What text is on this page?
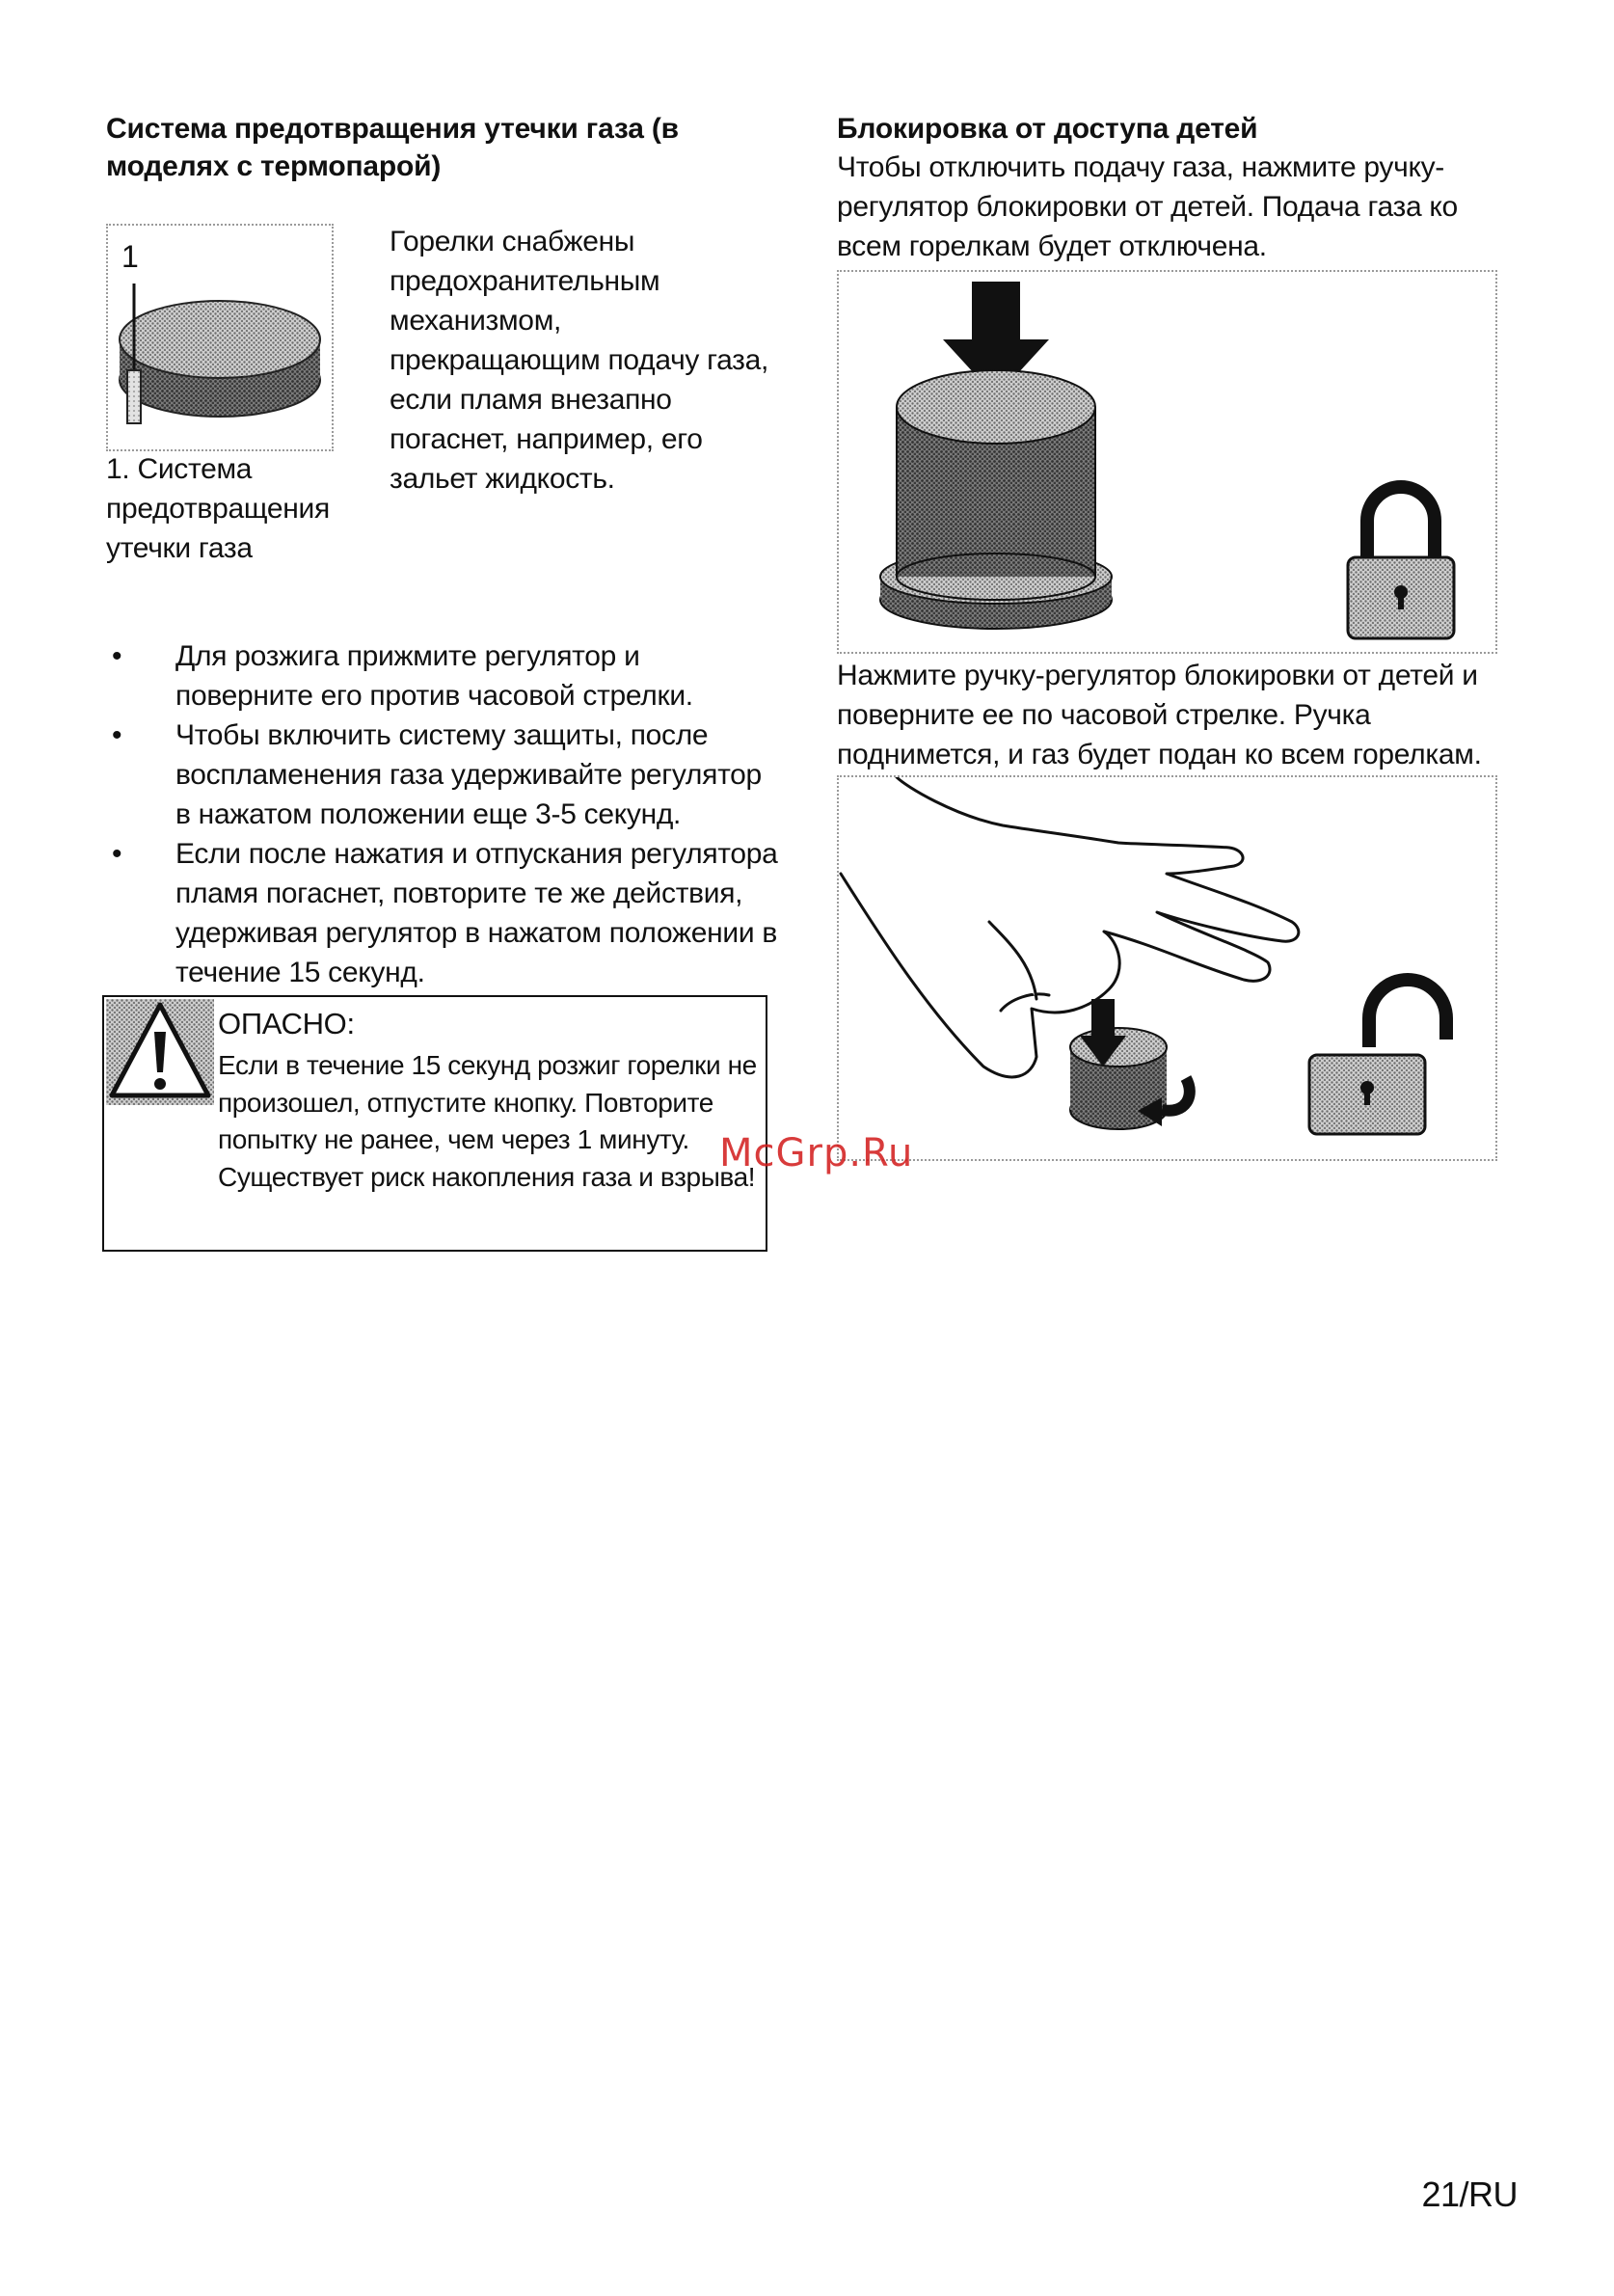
Система предотвращения утечки газа (в моделях с термопарой)
1

1. Система предотвращения утечки газа

Горелки снабжены предохранительным механизмом, прекращающим подачу газа, если пламя внезапно погаснет, например, его зальет жидкость.

• Для розжига прижмите регулятор и поверните его против часовой стрелки.
• Чтобы включить систему защиты, после воспламенения газа удерживайте регулятор в нажатом положении еще 3-5 секунд.
• Если после нажатия и отпускания регулятора пламя погаснет, повторите те же действия, удерживая регулятор в нажатом положении в течение 15 секунд.
ОПАСНО:
Если в течение 15 секунд розжиг горелки не произошел, отпустите кнопку. Повторите попытку не ранее, чем через 1 минуту. Существует риск накопления газа и взрыва!
Блокировка от доступа детей

Чтобы отключить подачу газа, нажмите ручку-регулятор блокировки от детей. Подача газа ко всем горелкам будет отключена.

Нажмите ручку-регулятор блокировки от детей и поверните ее по часовой стрелке. Ручка поднимется, и газ будет подан ко всем горелкам.

McGrp.Ru
21/RU
